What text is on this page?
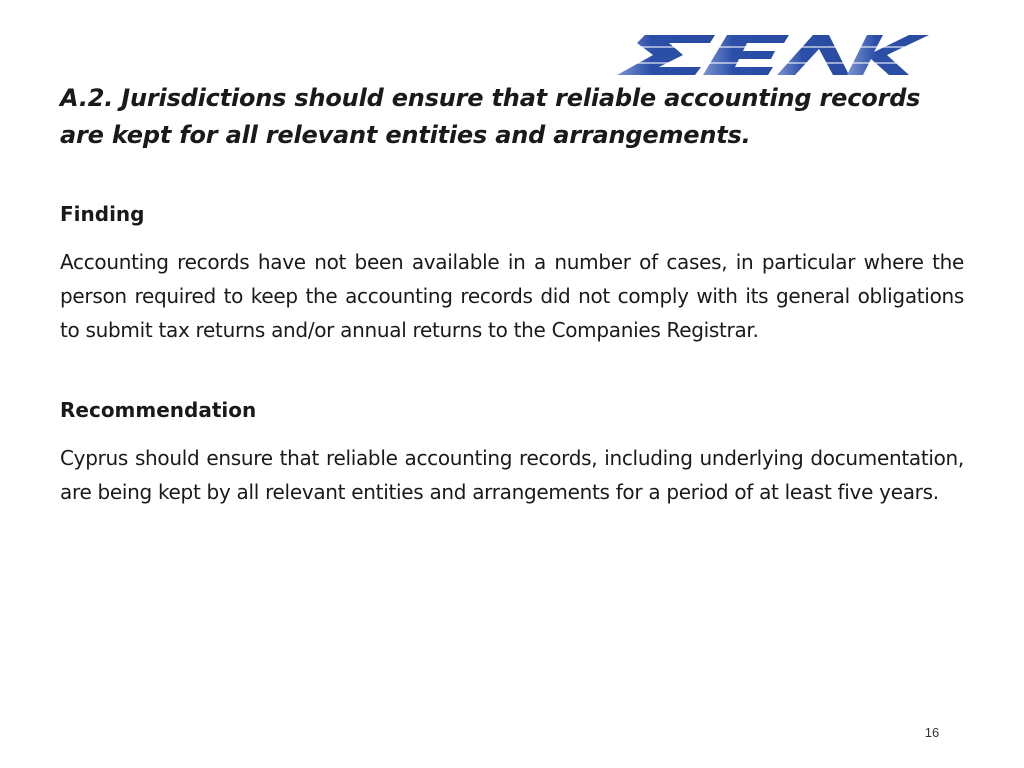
A.2. Jurisdictions should ensure that reliable accounting records are kept for all relevant entities and arrangements.
Finding
Accounting records have not been available in a number of cases, in particular where the person required to keep the accounting records did not comply with its general obligations to submit tax returns and/or annual returns to the Companies Registrar.
Recommendation
Cyprus should ensure that reliable accounting records, including underlying documentation, are being kept by all relevant entities and arrangements for a period of at least five years.
16
